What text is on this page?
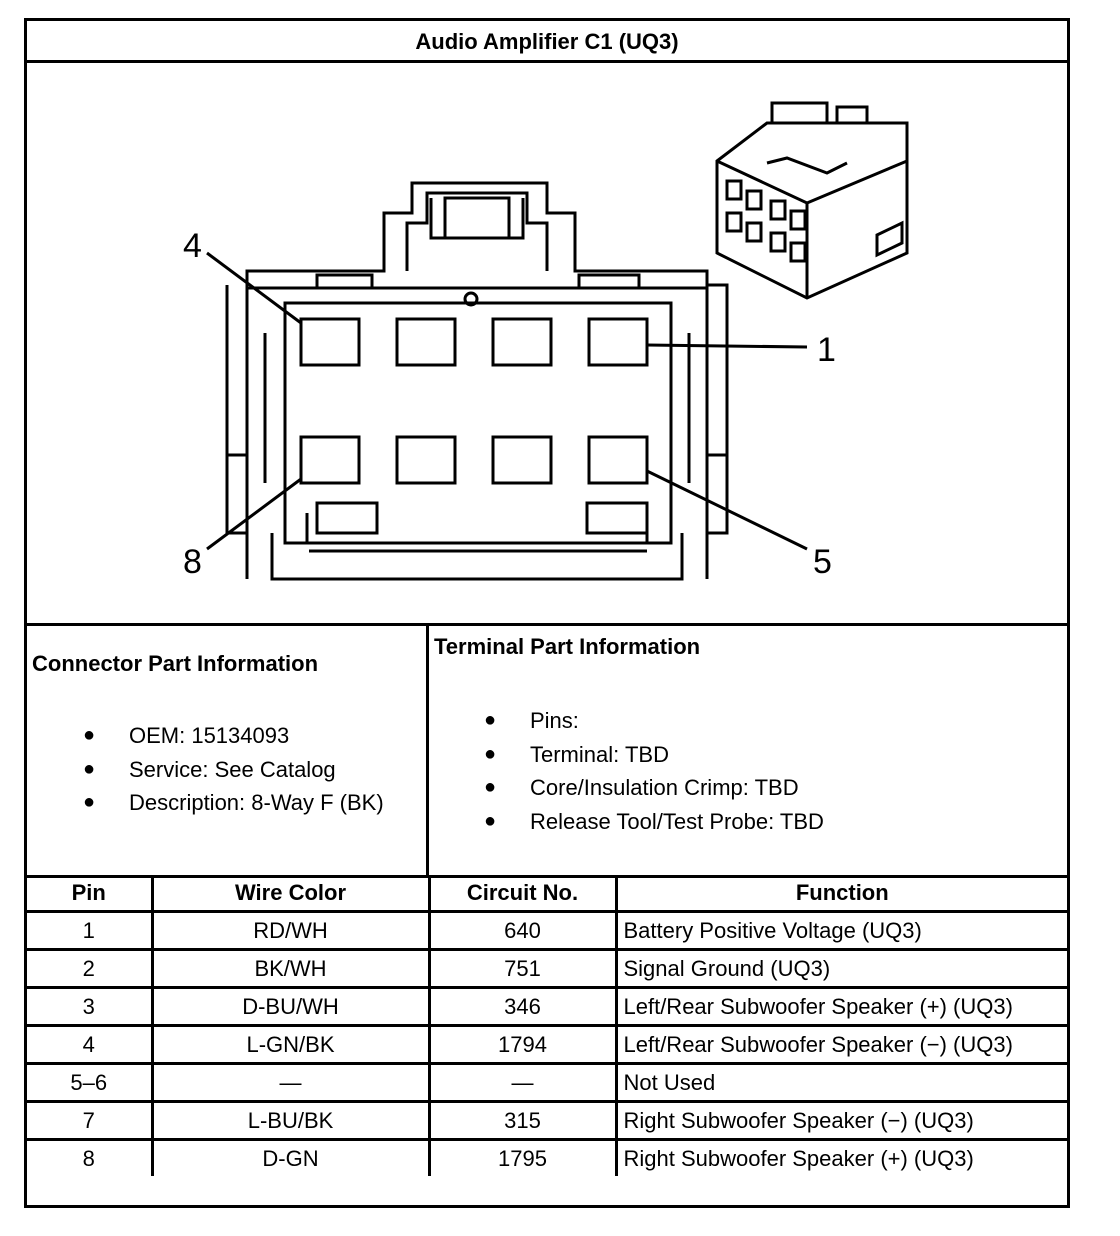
Audio Amplifier C1 (UQ3)
4
1
8	5
Connector Part Information
● OEM: 15134093
● Service: See Catalog
● Description: 8-Way F (BK)
Terminal Part Information
● Pins:
● Terminal: TBD
● Core/Insulation Crimp: TBD
● Release Tool/Test Probe: TBD
Pin	Wire Color	Circuit No.	Function
1	RD/WH	640	Battery Positive Voltage (UQ3)
2	BK/WH	751	Signal Ground (UQ3)
3	D-BU/WH	346	Left/Rear Subwoofer Speaker (+) (UQ3)
4	L-GN/BK	1794	Left/Rear Subwoofer Speaker (−) (UQ3)
5–6	—	—	Not Used
7	L-BU/BK	315	Right Subwoofer Speaker (−) (UQ3)
8	D-GN	1795	Right Subwoofer Speaker (+) (UQ3)
